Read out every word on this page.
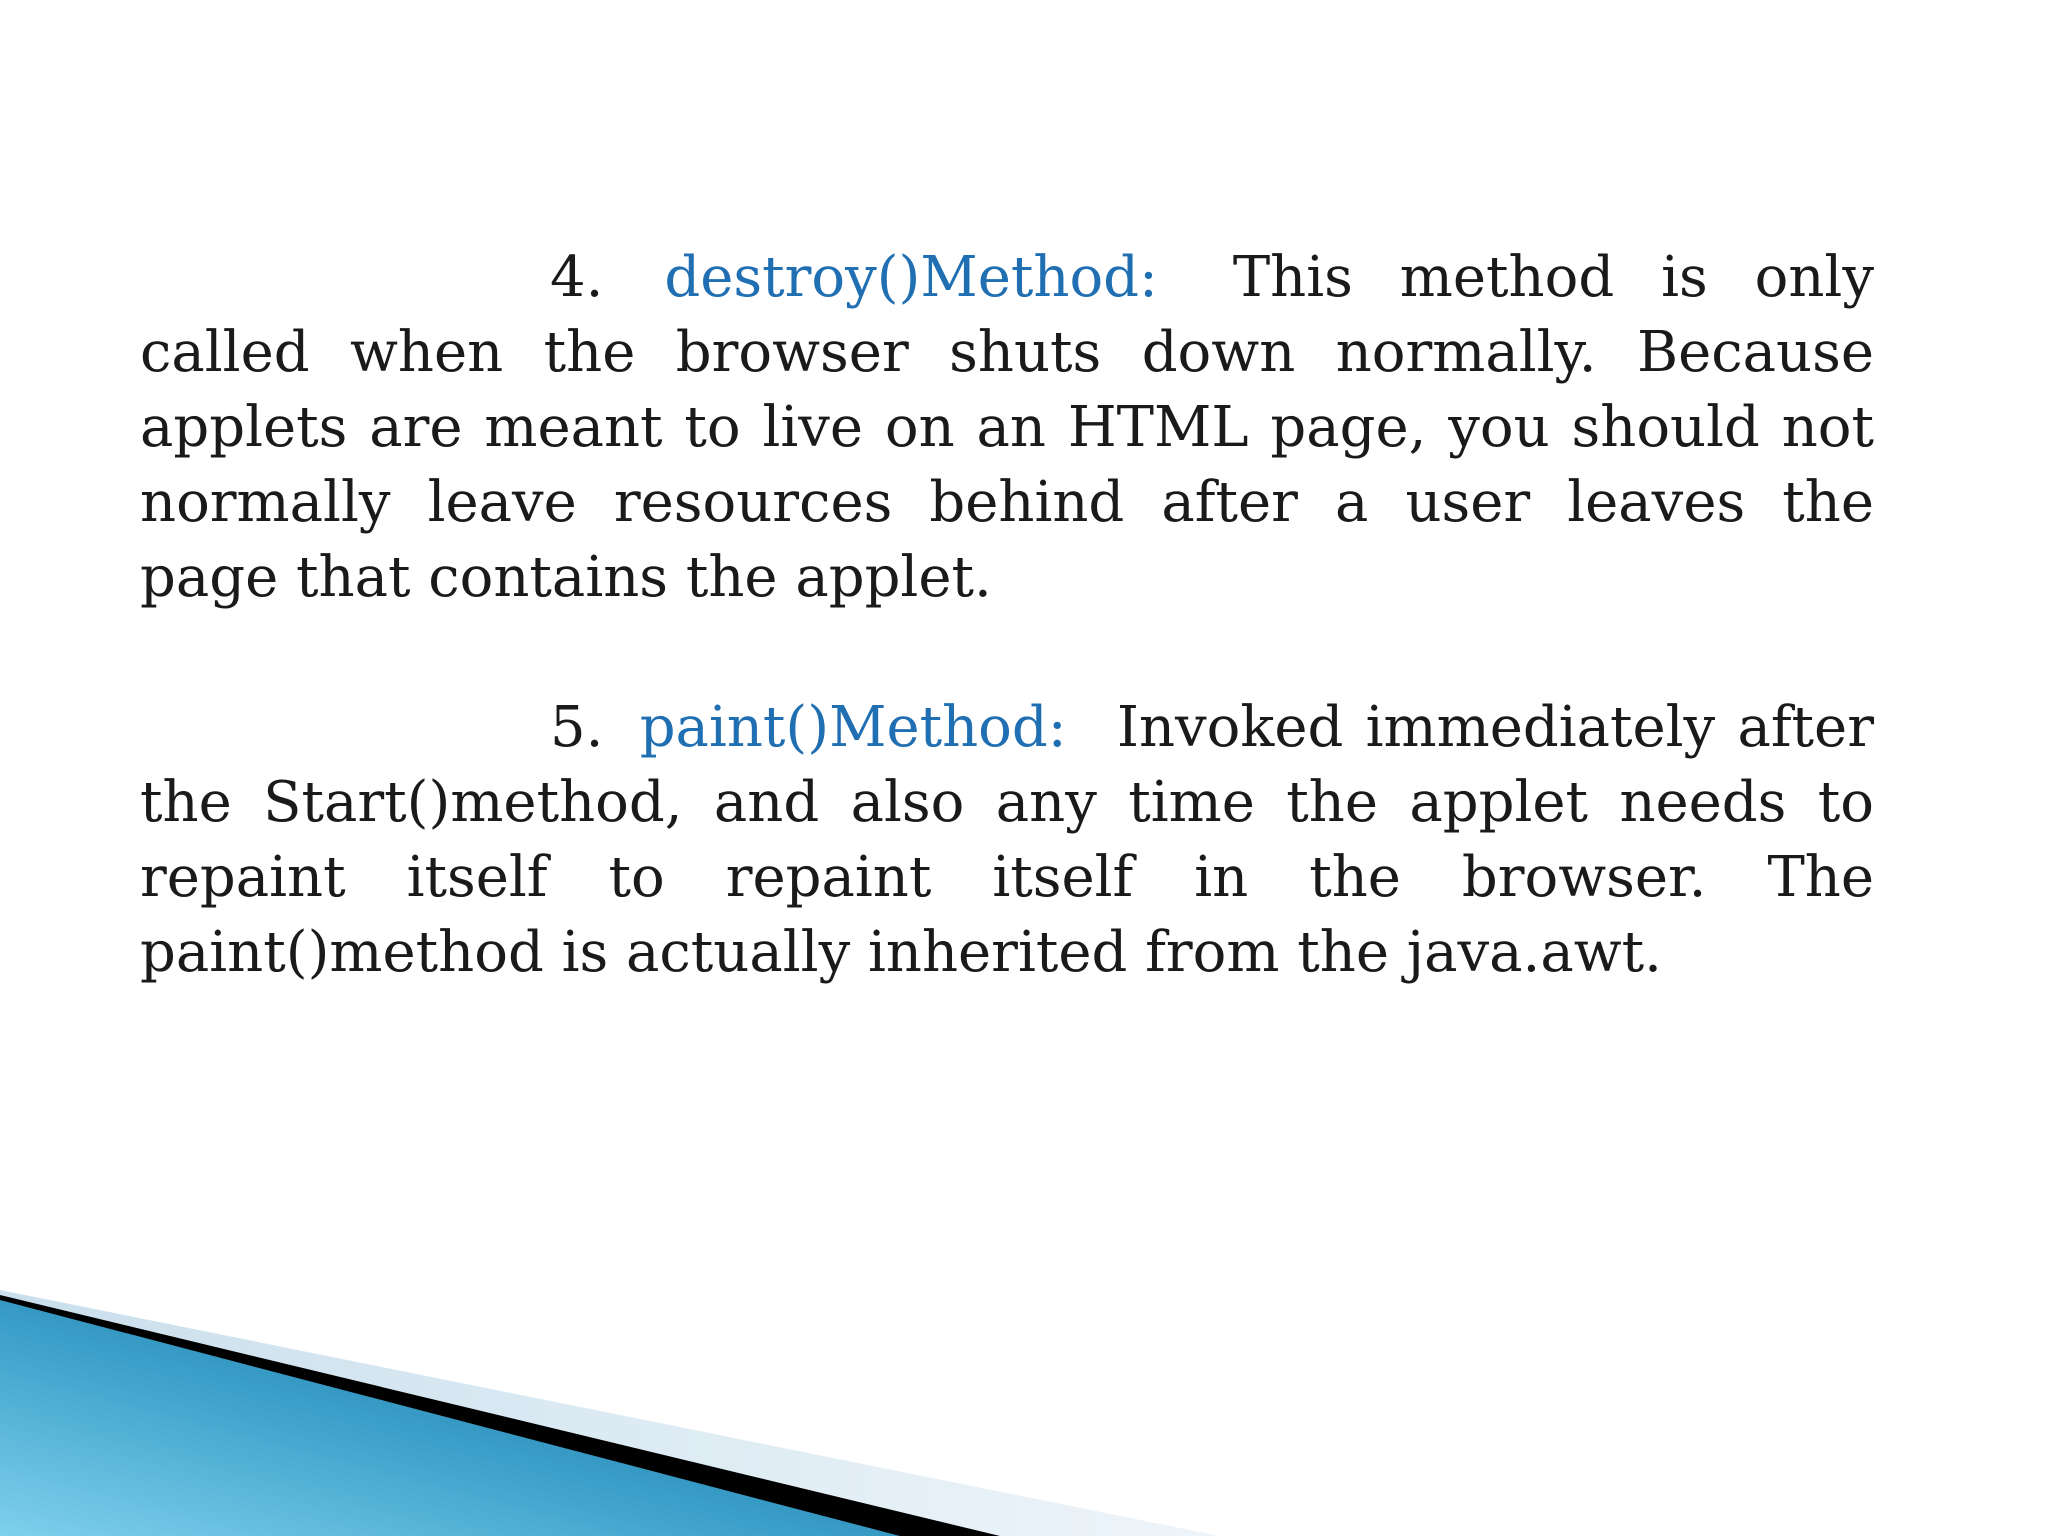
4. destroy()Method: This method is only called when the browser shuts down normally. Because applets are meant to live on an HTML page, you should not normally leave resources behind after a user leaves the page that contains the applet.

5. paint()Method: Invoked immediately after the Start()method, and also any time the applet needs to repaint itself to repaint itself in the browser. The paint()method is actually inherited from the java.awt.
